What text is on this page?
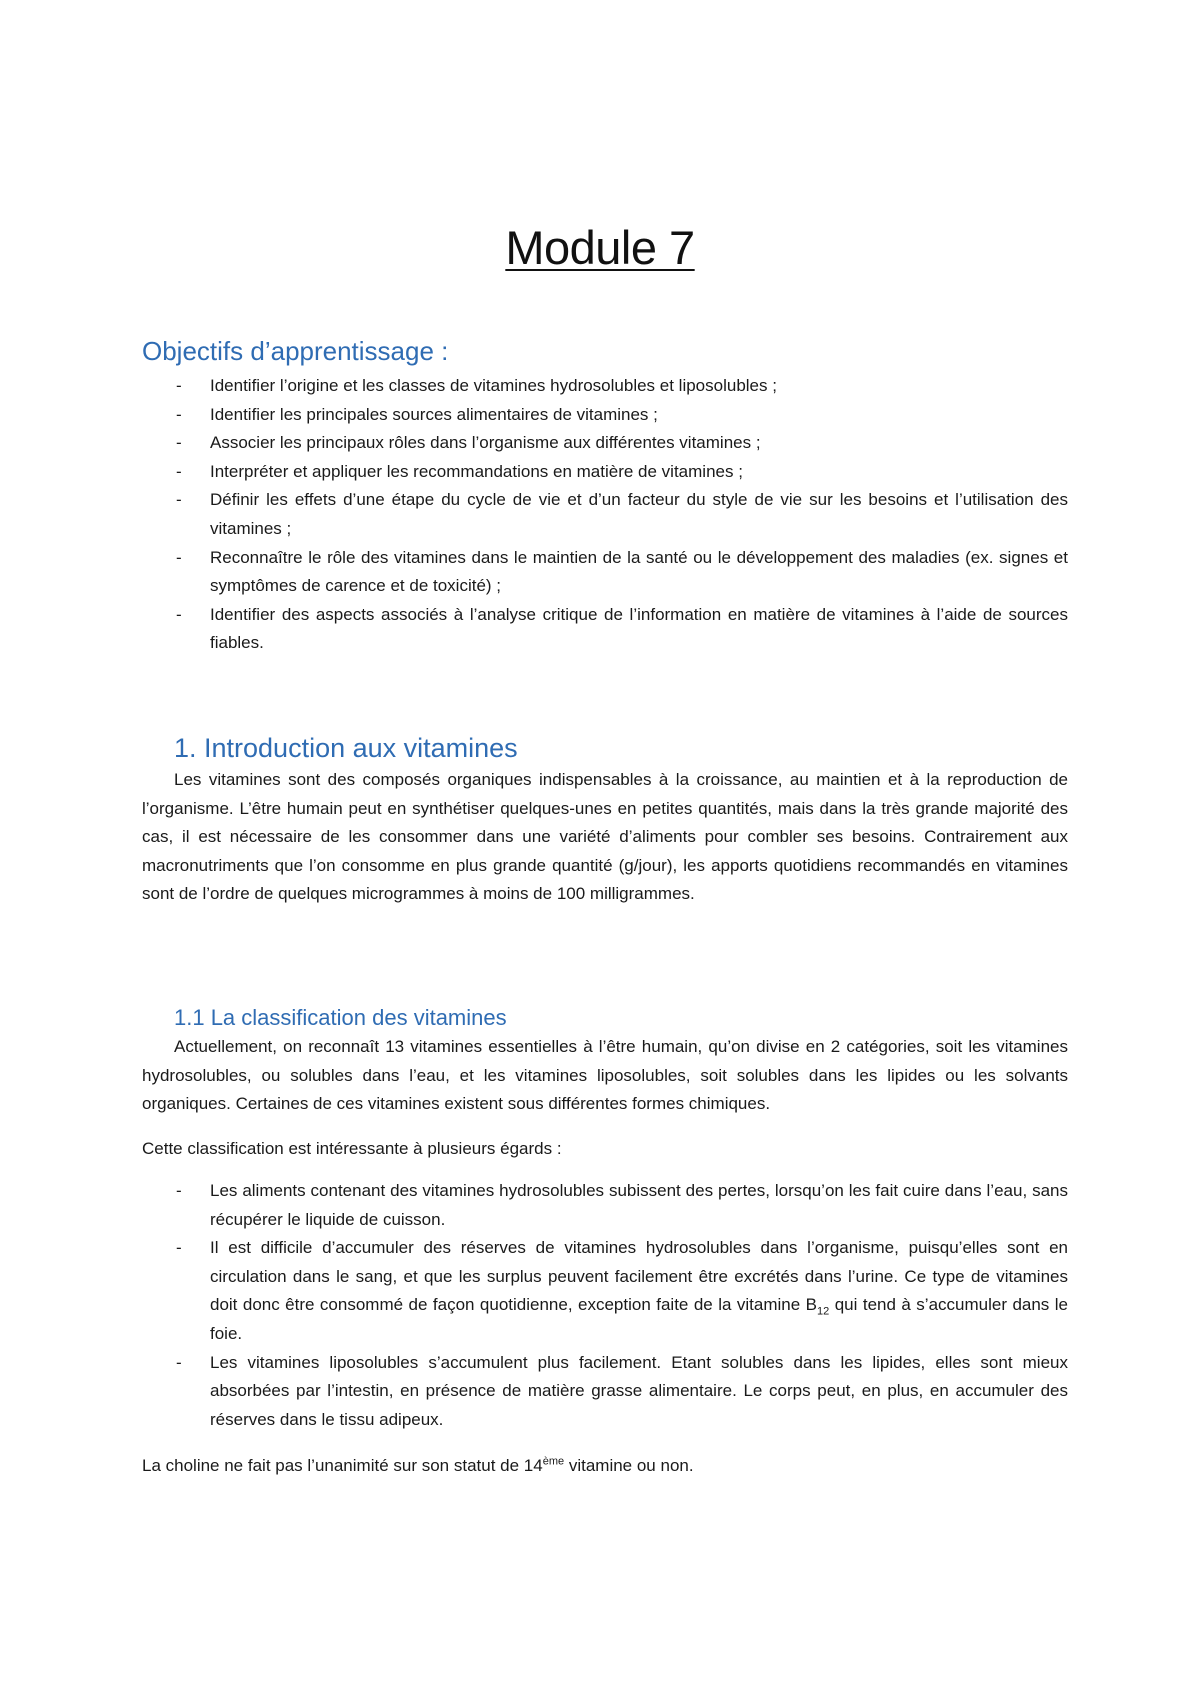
Module 7
Objectifs d’apprentissage :
- Identifier l’origine et les classes de vitamines hydrosolubles et liposolubles ;
- Identifier les principales sources alimentaires de vitamines ;
- Associer les principaux rôles dans l’organisme aux différentes vitamines ;
- Interpréter et appliquer les recommandations en matière de vitamines ;
- Définir les effets d’une étape du cycle de vie et d’un facteur du style de vie sur les besoins et l’utilisation des vitamines ;
- Reconnaître le rôle des vitamines dans le maintien de la santé ou le développement des maladies (ex. signes et symptômes de carence et de toxicité) ;
- Identifier des aspects associés à l’analyse critique de l’information en matière de vitamines à l’aide de sources fiables.
1. Introduction aux vitamines

Les vitamines sont des composés organiques indispensables à la croissance, au maintien et à la reproduction de l’organisme. L’être humain peut en synthétiser quelques-unes en petites quantités, mais dans la très grande majorité des cas, il est nécessaire de les consommer dans une variété d’aliments pour combler ses besoins. Contrairement aux macronutriments que l’on consomme en plus grande quantité (g/jour), les apports quotidiens recommandés en vitamines sont de l’ordre de quelques microgrammes à moins de 100 milligrammes.

1.1 La classification des vitamines

Actuellement, on reconnaît 13 vitamines essentielles à l’être humain, qu’on divise en 2 catégories, soit les vitamines hydrosolubles, ou solubles dans l’eau, et les vitamines liposolubles, soit solubles dans les lipides ou les solvants organiques. Certaines de ces vitamines existent sous différentes formes chimiques.

Cette classification est intéressante à plusieurs égards :

- Les aliments contenant des vitamines hydrosolubles subissent des pertes, lorsqu’on les fait cuire dans l’eau, sans récupérer le liquide de cuisson.
- Il est difficile d’accumuler des réserves de vitamines hydrosolubles dans l’organisme, puisqu’elles sont en circulation dans le sang, et que les surplus peuvent facilement être excrétés dans l’urine. Ce type de vitamines doit donc être consommé de façon quotidienne, exception faite de la vitamine $B_{12}$ qui tend à s’accumuler dans le foie.
- Les vitamines liposolubles s’accumulent plus facilement. Etant solubles dans les lipides, elles sont mieux absorbées par l’intestin, en présence de matière grasse alimentaire. Le corps peut, en plus, en accumuler des réserves dans le tissu adipeux.

La choline ne fait pas l’unanimité sur son statut de 14ème vitamine ou non.
